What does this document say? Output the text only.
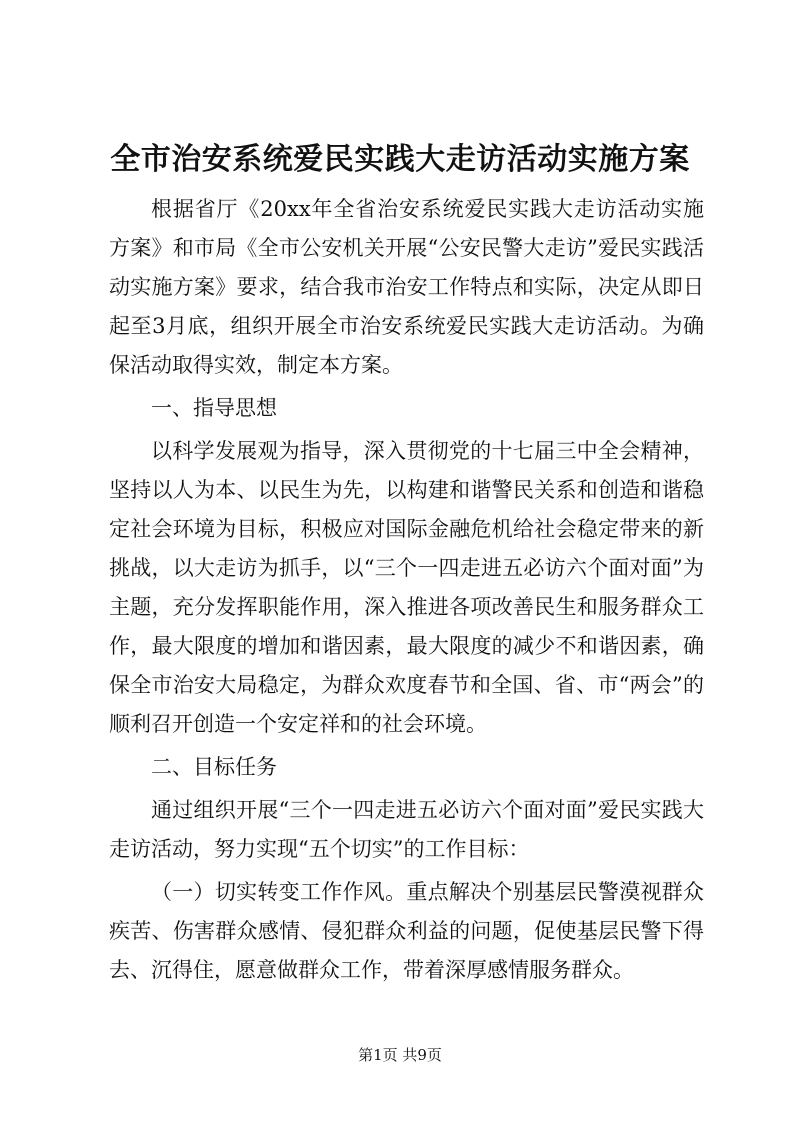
全市治安系统爱民实践大走访活动实施方案

根据省厅《20xx年全省治安系统爱民实践大走访活动实施方案》和市局《全市公安机关开展“公安民警大走访”爱民实践活动实施方案》要求，结合我市治安工作特点和实际，决定从即日起至3月底，组织开展全市治安系统爱民实践大走访活动。为确保活动取得实效，制定本方案。

一、指导思想

以科学发展观为指导，深入贯彻党的十七届三中全会精神，坚持以人为本、以民生为先，以构建和谐警民关系和创造和谐稳定社会环境为目标，积极应对国际金融危机给社会稳定带来的新挑战，以大走访为抓手，以“三个一四走进五必访六个面对面”为主题，充分发挥职能作用，深入推进各项改善民生和服务群众工作，最大限度的增加和谐因素，最大限度的减少不和谐因素，确保全市治安大局稳定，为群众欢度春节和全国、省、市“两会”的顺利召开创造一个安定祥和的社会环境。

二、目标任务

通过组织开展“三个一四走进五必访六个面对面”爱民实践大走访活动，努力实现“五个切实”的工作目标：

（一）切实转变工作作风。重点解决个别基层民警漠视群众疾苦、伤害群众感情、侵犯群众利益的问题，促使基层民警下得去、沉得住，愿意做群众工作，带着深厚感情服务群众。

第1页 共9页
